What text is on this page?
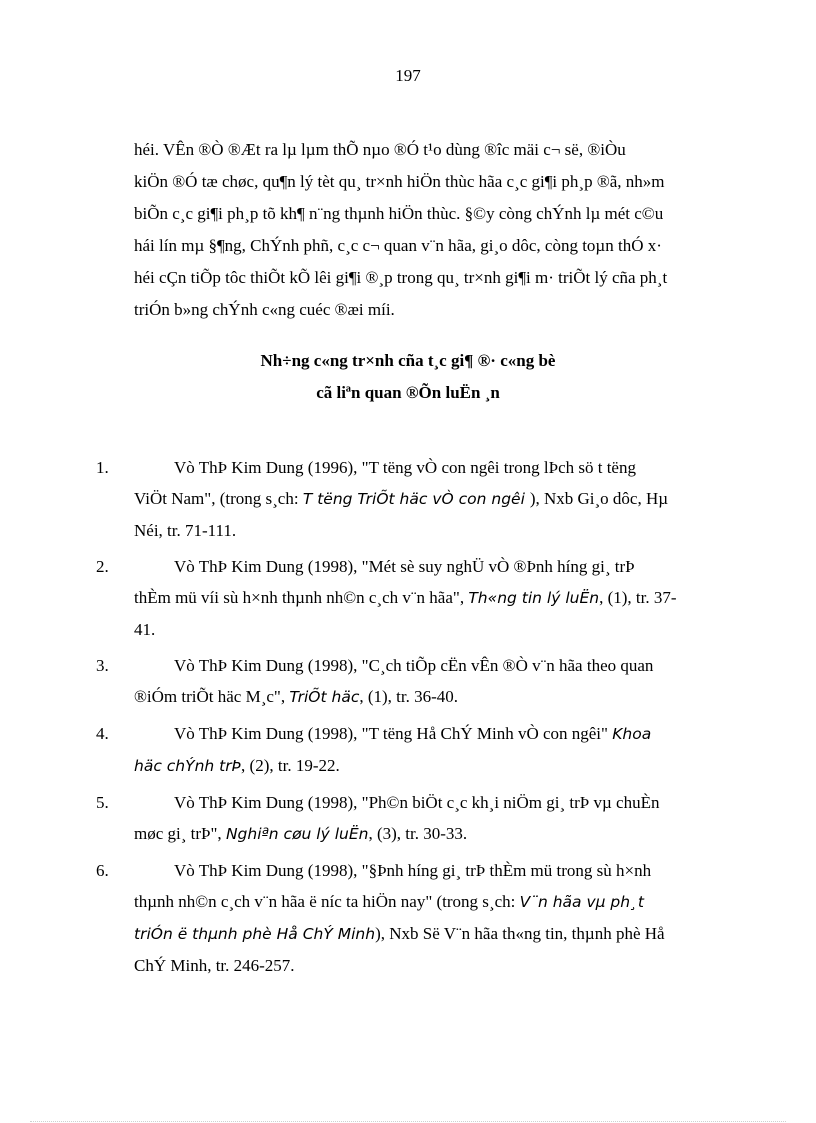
197
héi. VÊn ®Ò ®Æt ra lµ lµm thÕ nµo ®Ó t¹o dùng ®îc mäi c¬ së, ®iÒu
kiÖn ®Ó tæ chøc, qu¶n lý tèt qu¸ tr×nh hiÖn thùc hãa c¸c gi¶i ph¸p ®ã, nh»m
biÕn c¸c gi¶i ph¸p tõ kh¶ n¨ng thµnh hiÖn thùc. §©y còng chÝnh lµ mét c©u
hái lín mµ §¶ng, ChÝnh phñ, c¸c c¬ quan v¨n hãa, gi¸o dôc, còng toµn thÓ x·
héi cÇn tiÕp tôc thiÕt kÕ lêi gi¶i ®¸p trong qu¸ tr×nh gi¶i m· triÕt lý cña ph¸t
triÓn b»ng chÝnh c«ng cuéc ®æi míi.
Nh÷ng c«ng tr×nh cña t¸c gi¶ ®· c«ng bè
cã liªn quan ®Õn luËn ¸n
1.	Vò ThÞ Kim Dung (1996), "T tëng vÒ con ngêi trong lÞch sö t tëng
ViÖt Nam", (trong s¸ch: T tëng TriÕt häc vÒ con ngêi ), Nxb Gi¸o dôc, Hµ
Néi, tr. 71-111.
2.	Vò ThÞ Kim Dung (1998), "Mét sè suy nghÜ vÒ ®Þnh híng gi¸ trÞ
thÈm mü víi sù h×nh thµnh nh©n c¸ch v¨n hãa", Th«ng tin lý luËn, (1), tr. 37-
41.
3.	Vò ThÞ Kim Dung (1998), "C¸ch tiÕp cËn vÊn ®Ò v¨n hãa theo quan
®iÓm triÕt häc M¸c", TriÕt häc, (1), tr. 36-40.
4.	Vò ThÞ Kim Dung (1998), "T tëng Hå ChÝ Minh vÒ con ngêi" Khoa
häc chÝnh trÞ, (2), tr. 19-22.
5.	Vò ThÞ Kim Dung (1998), "Ph©n biÖt c¸c kh¸i niÖm gi¸ trÞ vµ chuÈn
møc gi¸ trÞ", Nghiªn cøu lý luËn, (3), tr. 30-33.
6.	Vò ThÞ Kim Dung (1998), "§Þnh híng gi¸ trÞ thÈm mü trong sù h×nh
thµnh nh©n c¸ch v¨n hãa ë níc ta hiÖn nay" (trong s¸ch: V¨n hãa vµ ph¸t
triÓn ë thµnh phè Hå ChÝ Minh), Nxb Së V¨n hãa th«ng tin, thµnh phè Hå
ChÝ Minh, tr. 246-257.
